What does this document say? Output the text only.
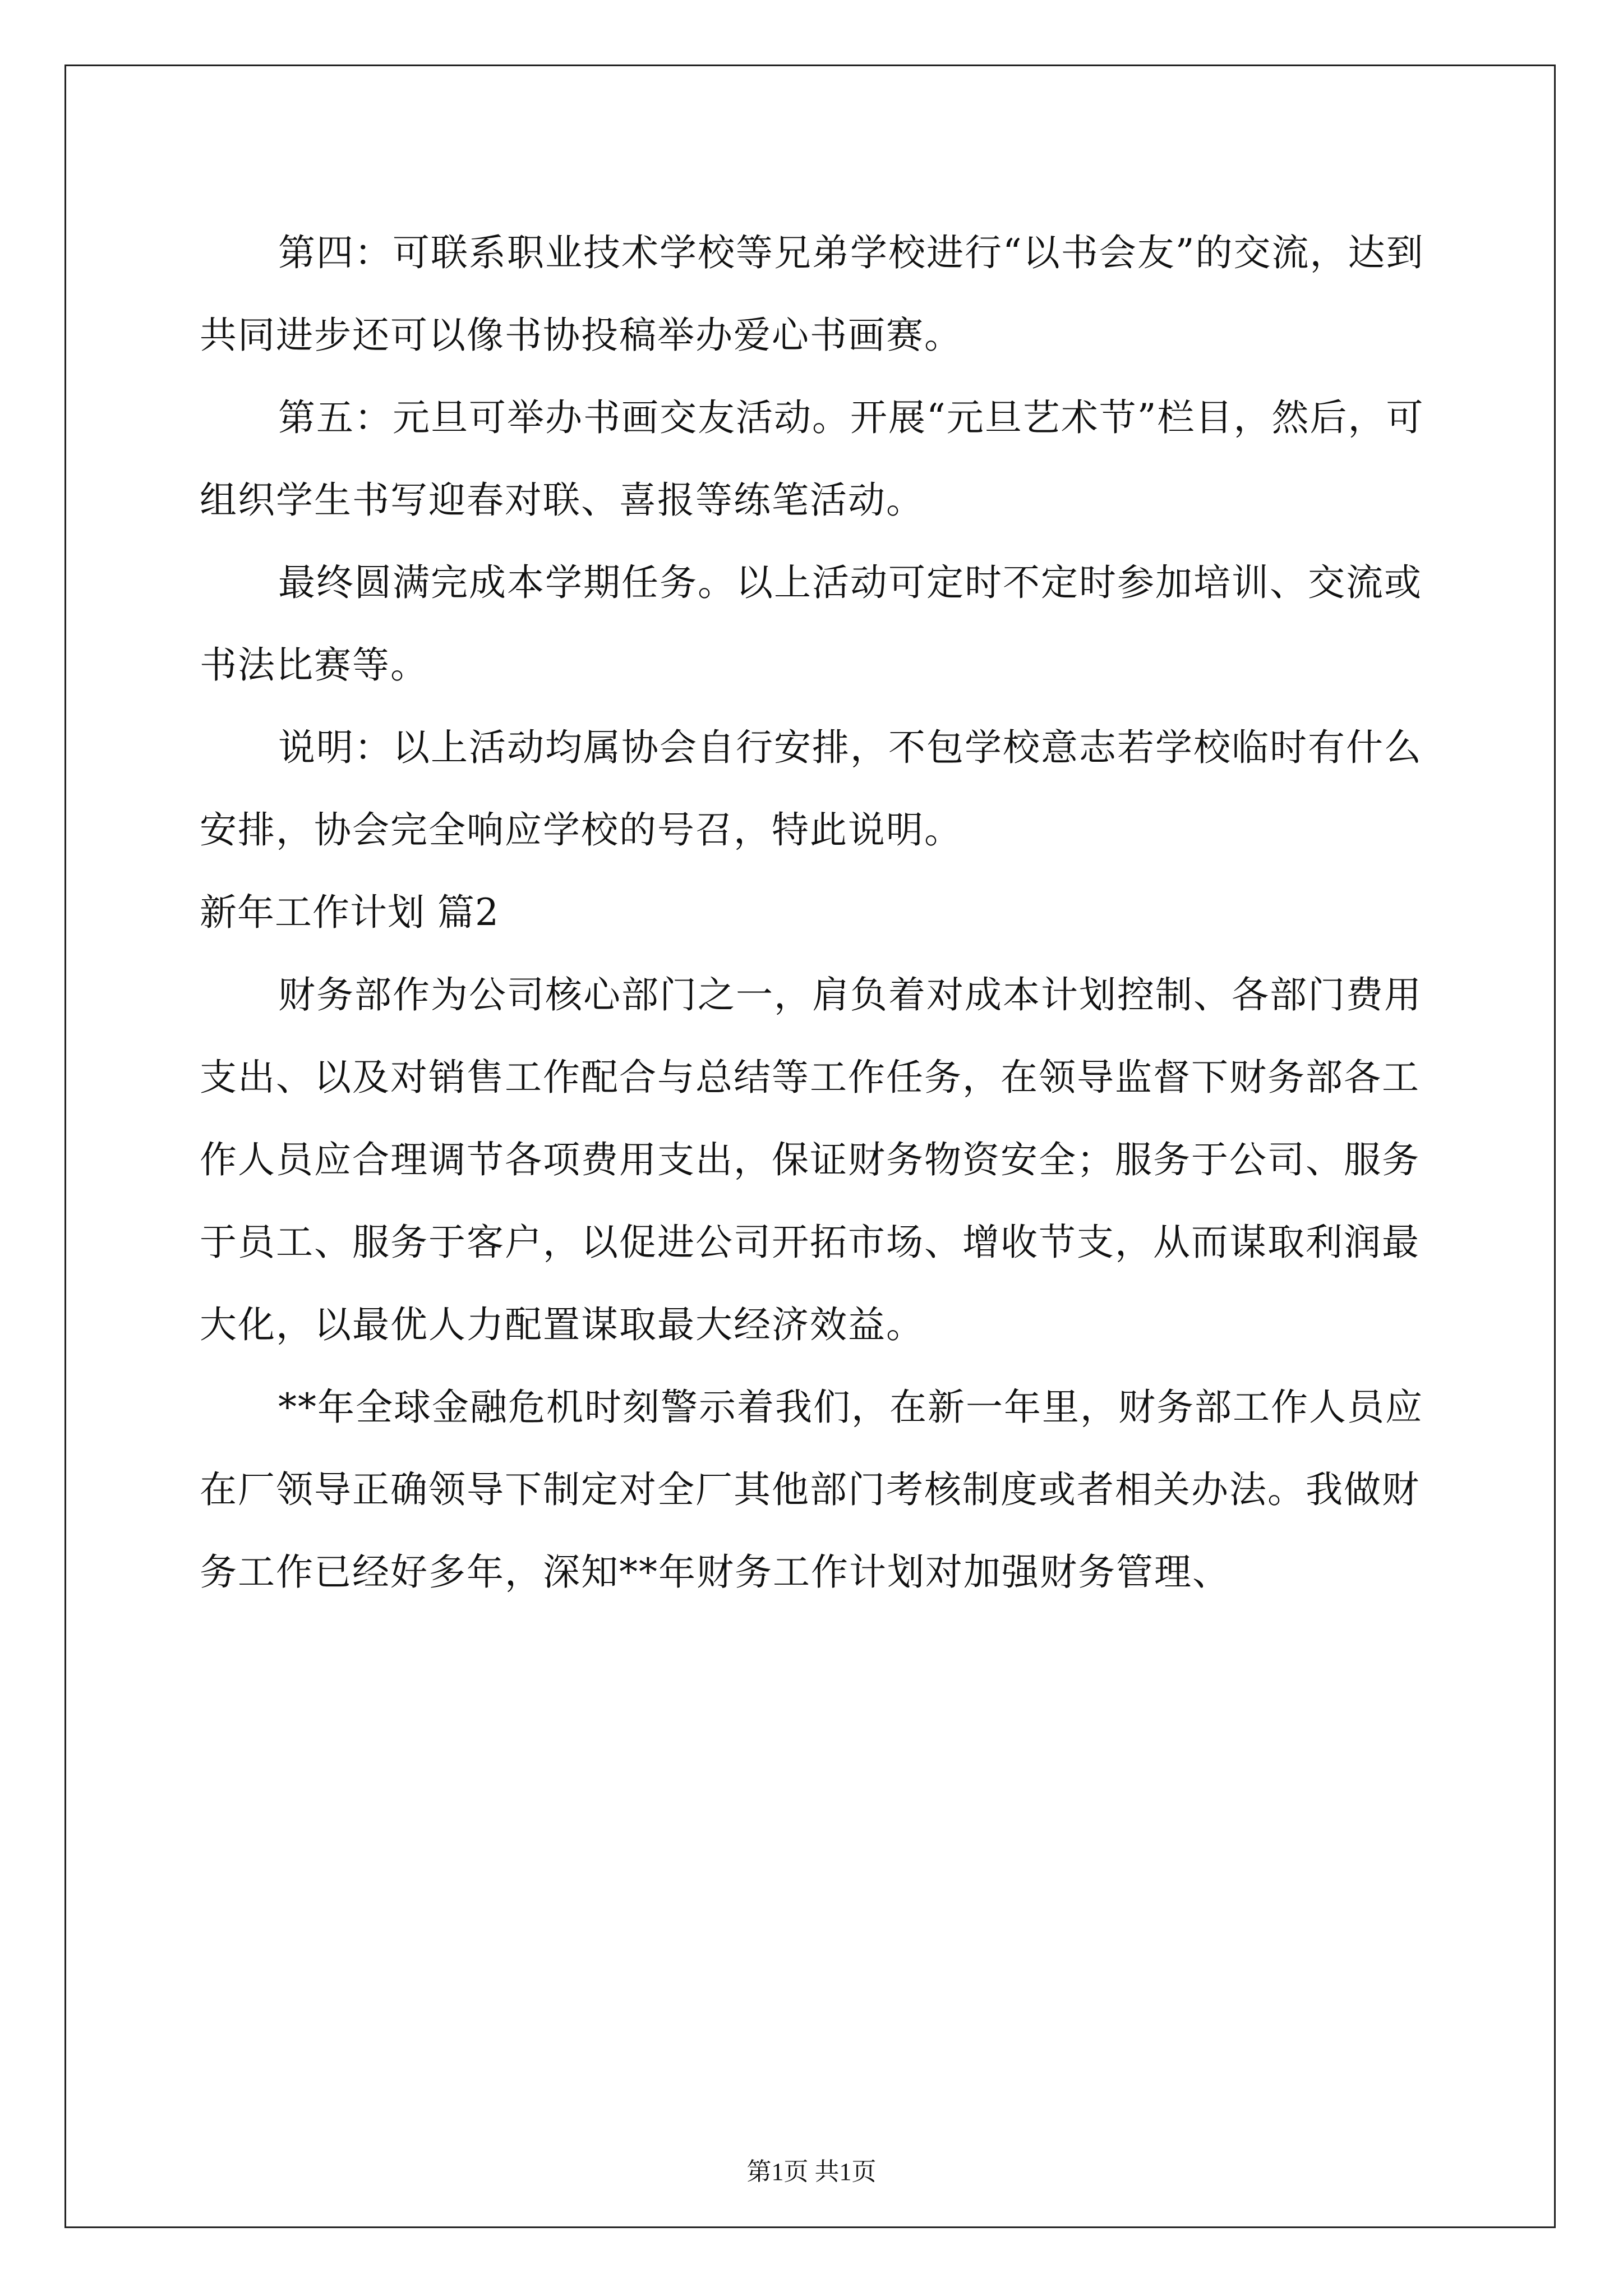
第四：可联系职业技术学校等兄弟学校进行“以书会友”的交流，达到共同进步还可以像书协投稿举办爱心书画赛。

第五：元旦可举办书画交友活动。开展“元旦艺术节”栏目，然后，可组织学生书写迎春对联、喜报等练笔活动。

最终圆满完成本学期任务。以上活动可定时不定时参加培训、交流或书法比赛等。

说明：以上活动均属协会自行安排，不包学校意志若学校临时有什么安排，协会完全响应学校的号召，特此说明。

新年工作计划 篇2

财务部作为公司核心部门之一，肩负着对成本计划控制、各部门费用支出、以及对销售工作配合与总结等工作任务，在领导监督下财务部各工作人员应合理调节各项费用支出，保证财务物资安全；服务于公司、服务于员工、服务于客户，以促进公司开拓市场、增收节支，从而谋取利润最大化，以最优人力配置谋取最大经济效益。

**年全球金融危机时刻警示着我们，在新一年里，财务部工作人员应在厂领导正确领导下制定对全厂其他部门考核制度或者相关办法。我做财务工作已经好多年，深知**年财务工作计划对加强财务管理、

第1页 共1页
